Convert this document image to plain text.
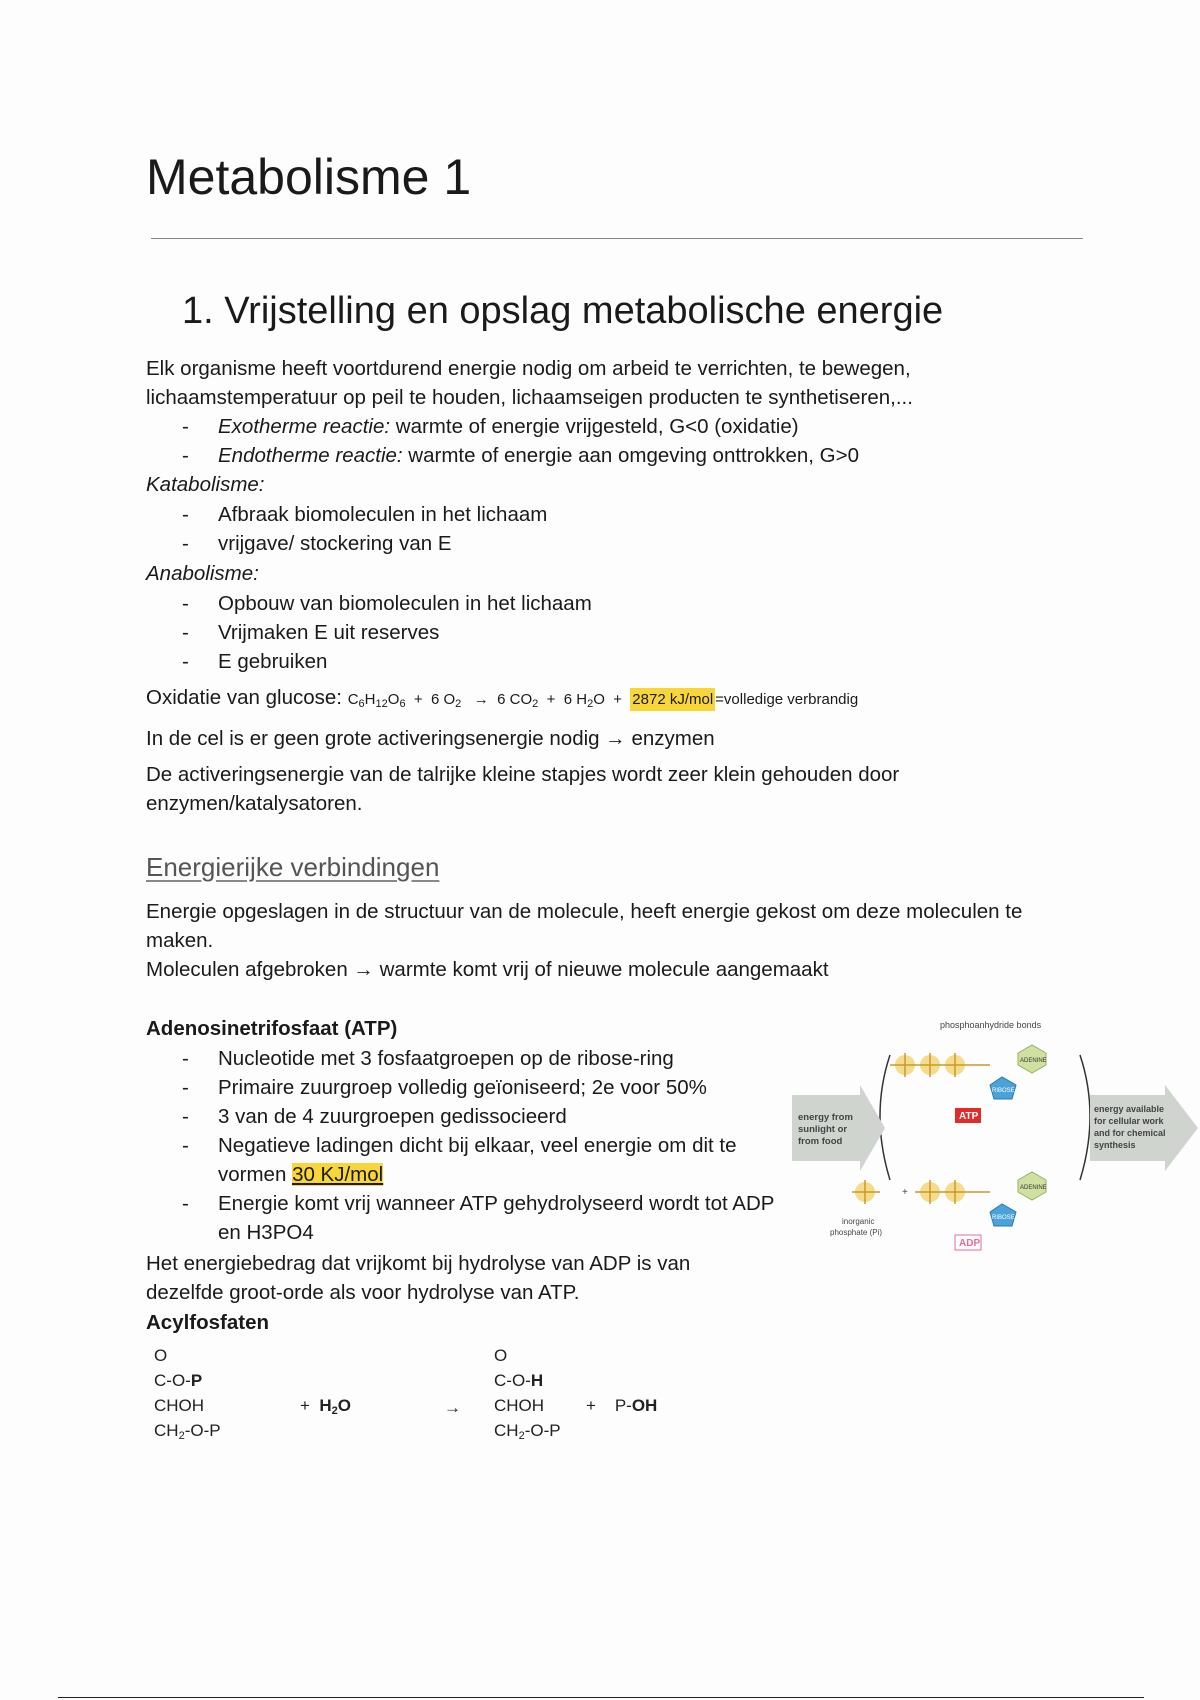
Metabolisme 1
1. Vrijstelling en opslag metabolische energie

Elk organisme heeft voortdurend energie nodig om arbeid te verrichten, te bewegen, lichaamstemperatuur op peil te houden, lichaamseigen producten te synthetiseren,...

- Exotherme reactie: warmte of energie vrijgesteld, G<0 (oxidatie)
- Endotherme reactie: warmte of energie aan omgeving onttrokken, G>0

Katabolisme:

- Afbraak biomoleculen in het lichaam
- vrijgave/ stockering van E

Anabolisme:

- Opbouw van biomoleculen in het lichaam
- Vrijmaken E uit reserves
- E gebruiken

Oxidatie van glucose: $C_6H_{12}O_6 + 6$ $O_2 \to 6$ $CO_2 + 6$ $H_2O + 2872$ kJ/mol =volledige verbrandig

In de cel is er geen grote activeringsenergie nodig → enzymen

De activeringsenergie van de talrijke kleine stapjes wordt zeer klein gehouden door enzymen/katalysatoren.

Energierijke verbindingen

Energie opgeslagen in de structuur van de molecule, heeft energie gekost om deze moleculen te maken.

Moleculen afgebroken → warmte komt vrij of nieuwe molecule aangemaakt

Adenosinetrifosfaat (ATP)

- Nucleotide met 3 fosfaatgroepen op de ribose-ring
- Primaire zuurgroep volledig geïoniseerd; 2e voor 50%
- 3 van de 4 zuurgroepen gedissocieerd
- Negatieve ladingen dicht bij elkaar, veel energie om dit te vormen 30 KJ/mol
- Energie komt vrij wanneer ATP gehydrolyseerd wordt tot ADP en H3PO4

Het energiebedrag dat vrijkomt bij hydrolyse van ADP is van dezelfde groot-orde als voor hydrolyse van ATP.

Acylfosfaten

O
C-O-P
CHOH
$CH_2-O-P$
+  $H_2O$	→
O
C-O-H
CHOH
$CH_2-O-P$
+    P-OH
phosphoanhydride bonds
ADENINE
RIBOSE
ATP
energy from
sunlight or
from food
energy available
for cellular work
and for chemical
synthesis
+
inorganic
phosphate (Pi)
ADENINE
RIBOSE
ADP
